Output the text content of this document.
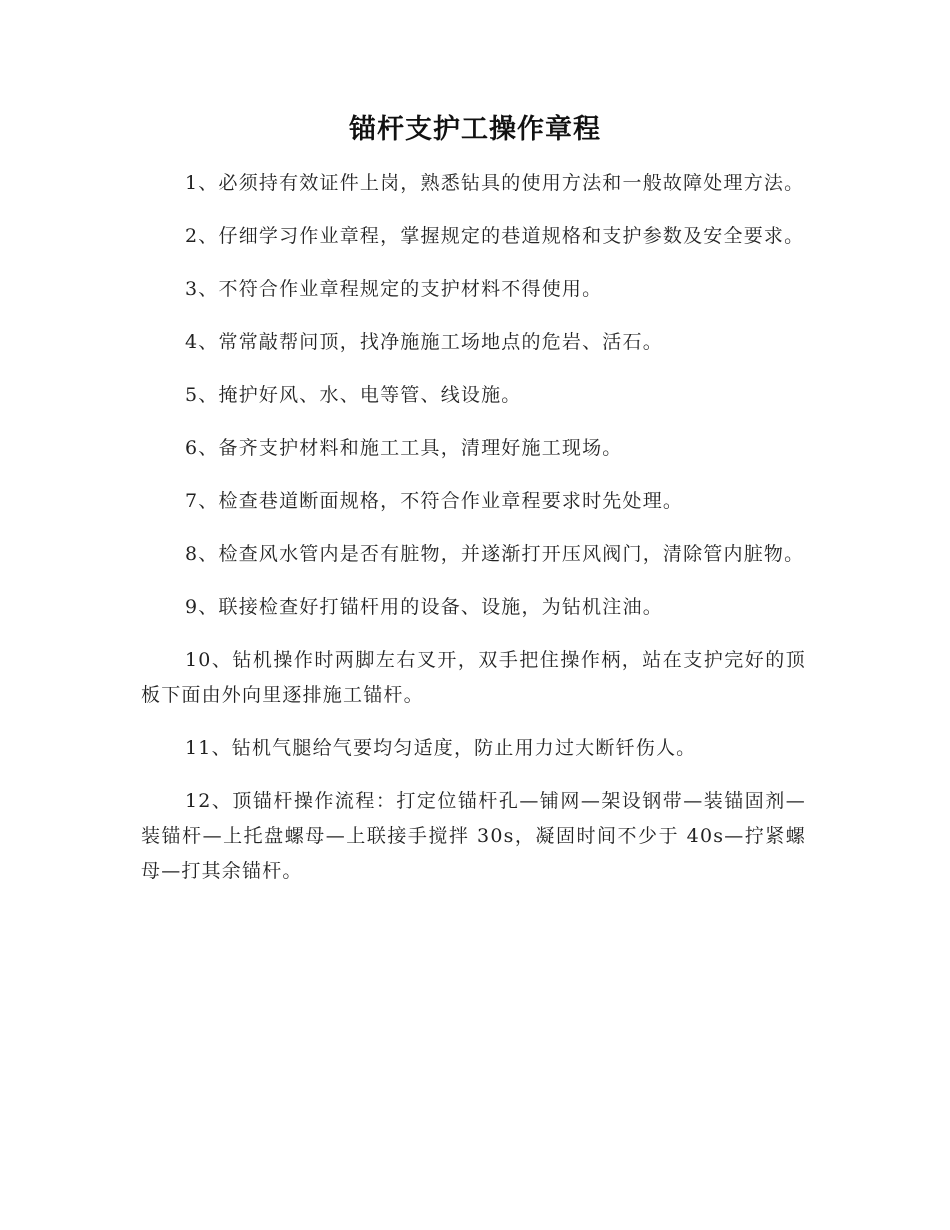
锚杆支护工操作章程

1、必须持有效证件上岗，熟悉钻具的使用方法和一般故障处理方法。

2、仔细学习作业章程，掌握规定的巷道规格和支护参数及安全要求。

3、不符合作业章程规定的支护材料不得使用。

4、常常敲帮问顶，找净施施工场地点的危岩、活石。

5、掩护好风、水、电等管、线设施。

6、备齐支护材料和施工工具，清理好施工现场。

7、检查巷道断面规格，不符合作业章程要求时先处理。

8、检查风水管内是否有脏物，并遂渐打开压风阀门，清除管内脏物。

9、联接检查好打锚杆用的设备、设施，为钻机注油。

10、钻机操作时两脚左右叉开，双手把住操作柄，站在支护完好的顶板下面由外向里逐排施工锚杆。

11、钻机气腿给气要均匀适度，防止用力过大断钎伤人。

12、顶锚杆操作流程：打定位锚杆孔—铺网—架设钢带—装锚固剂—装锚杆—上托盘螺母—上联接手搅拌 30s，凝固时间不少于 40s—拧紧螺母—打其余锚杆。
